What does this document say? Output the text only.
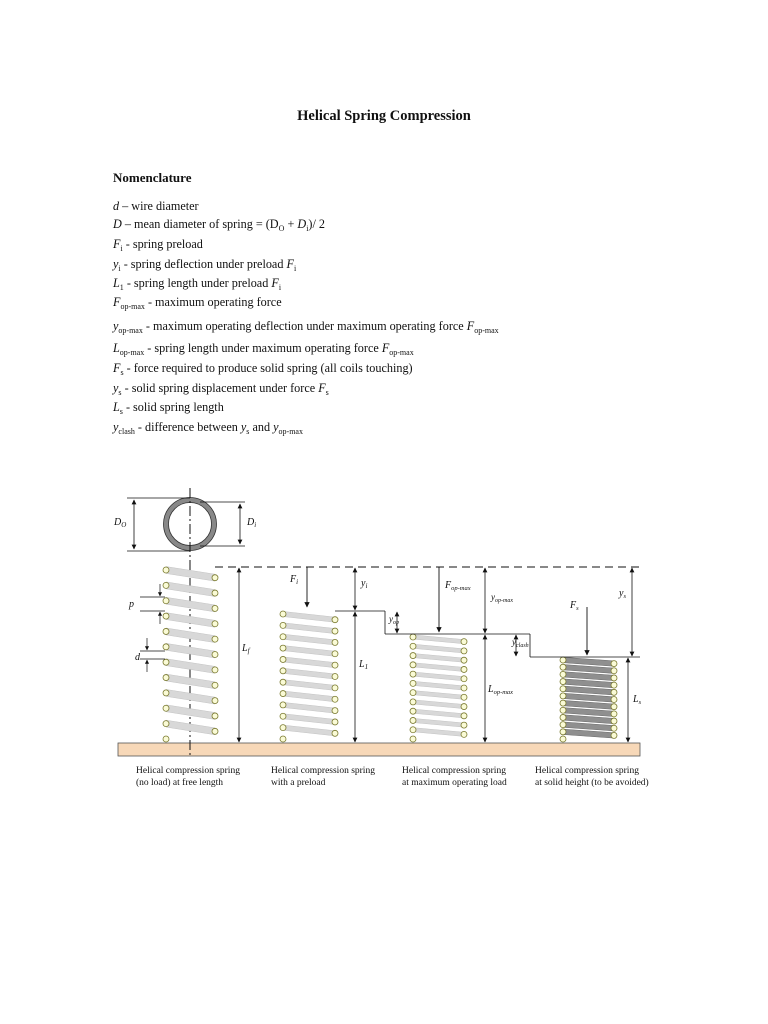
Helical Spring Compression
Nomenclature
d – wire diameter
D – mean diameter of spring = $(D_O + D_i)/$ 2
$F_i$ - spring preload
$y_i$ - spring deflection under preload $F_i$
$L_1$ - spring length under preload $F_i$
$F_{op-max}$ - maximum operating force
$y_{op-max}$ - maximum operating deflection under maximum operating force $F_{op-max}$
$L_{op-max}$ - spring length under maximum operating force $F_{op-max}$
$F_s$ - force required to produce solid spring (all coils touching)
$y_s$ - solid spring displacement under force $F_s$
$L_s$ - solid spring length
$y_{clash}$ - difference between $y_s$ and $y_{op-max}$
$D_O$	$D_i$
p
d
$L_f$
$F_i$	$y_i$
$L_1$
$y_{op}$
$F_{op-max}$
$y_{op-max}$
$L_{op-max}$
$y_{clash}$
$F_s$
$y_s$
$L_s$
Helical compression spring (no load) at free length
Helical compression spring with a preload
Helical compression spring at maximum operating load
Helical compression spring at solid height (to be avoided)
